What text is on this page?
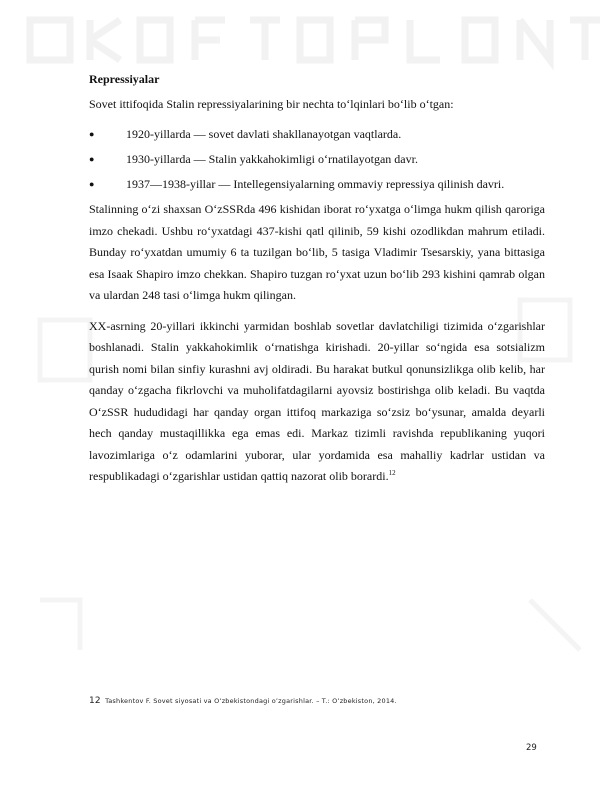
Repressiyalar

Sovet ittifoqida Stalin repressiyalarining bir nechta toʻlqinlari boʻlib oʻtgan:

●	1920-yillarda — sovet davlati shakllanayotgan vaqtlarda.
●	1930-yillarda — Stalin yakkahokimligi oʻrnatilayotgan davr.
●	1937—1938-yillar — Intellegensiyalarning ommaviy repressiya qilinish davri.

Stalinning oʻzi shaxsan OʻzSSRda 496 kishidan iborat roʻyxatga oʻlimga hukm qilish qaroriga imzo chekadi. Ushbu roʻyxatdagi 437-kishi qatl qilinib, 59 kishi ozodlikdan mahrum etiladi. Bunday roʻyxatdan umumiy 6 ta tuzilgan boʻlib, 5 tasiga Vladimir Tsesarskiy, yana bittasiga esa Isaak Shapiro imzo chekkan. Shapiro tuzgan roʻyxat uzun boʻlib 293 kishini qamrab olgan va ulardan 248 tasi oʻlimga hukm qilingan.

XX-asrning 20-yillari ikkinchi yarmidan boshlab sovetlar davlatchiligi tizimida oʻzgarishlar boshlanadi. Stalin yakkahokimlik oʻrnatishga kirishadi. 20-yillar soʻngida esa sotsializm qurish nomi bilan sinfiy kurashni avj oldiradi. Bu harakat butkul qonunsizlikga olib kelib, har qanday oʻzgacha fikrlovchi va muholifatdagilarni ayovsiz bostirishga olib keladi. Bu vaqtda OʻzSSR hududidagi har qanday organ ittifoq markaziga soʻzsiz boʻysunar, amalda deyarli hech qanday mustaqillikka ega emas edi. Markaz tizimli ravishda republikaning yuqori lavozimlariga oʻz odamlarini yuborar, ular yordamida esa mahalliy kadrlar ustidan va respublikadagi oʻzgarishlar ustidan qattiq nazorat olib borardi.$^{12}$

12 Tashkentov F. Sovet siyosati va O’zbekistondagi o’zgarishlar. – T.: O’zbekiston, 2014.
29
